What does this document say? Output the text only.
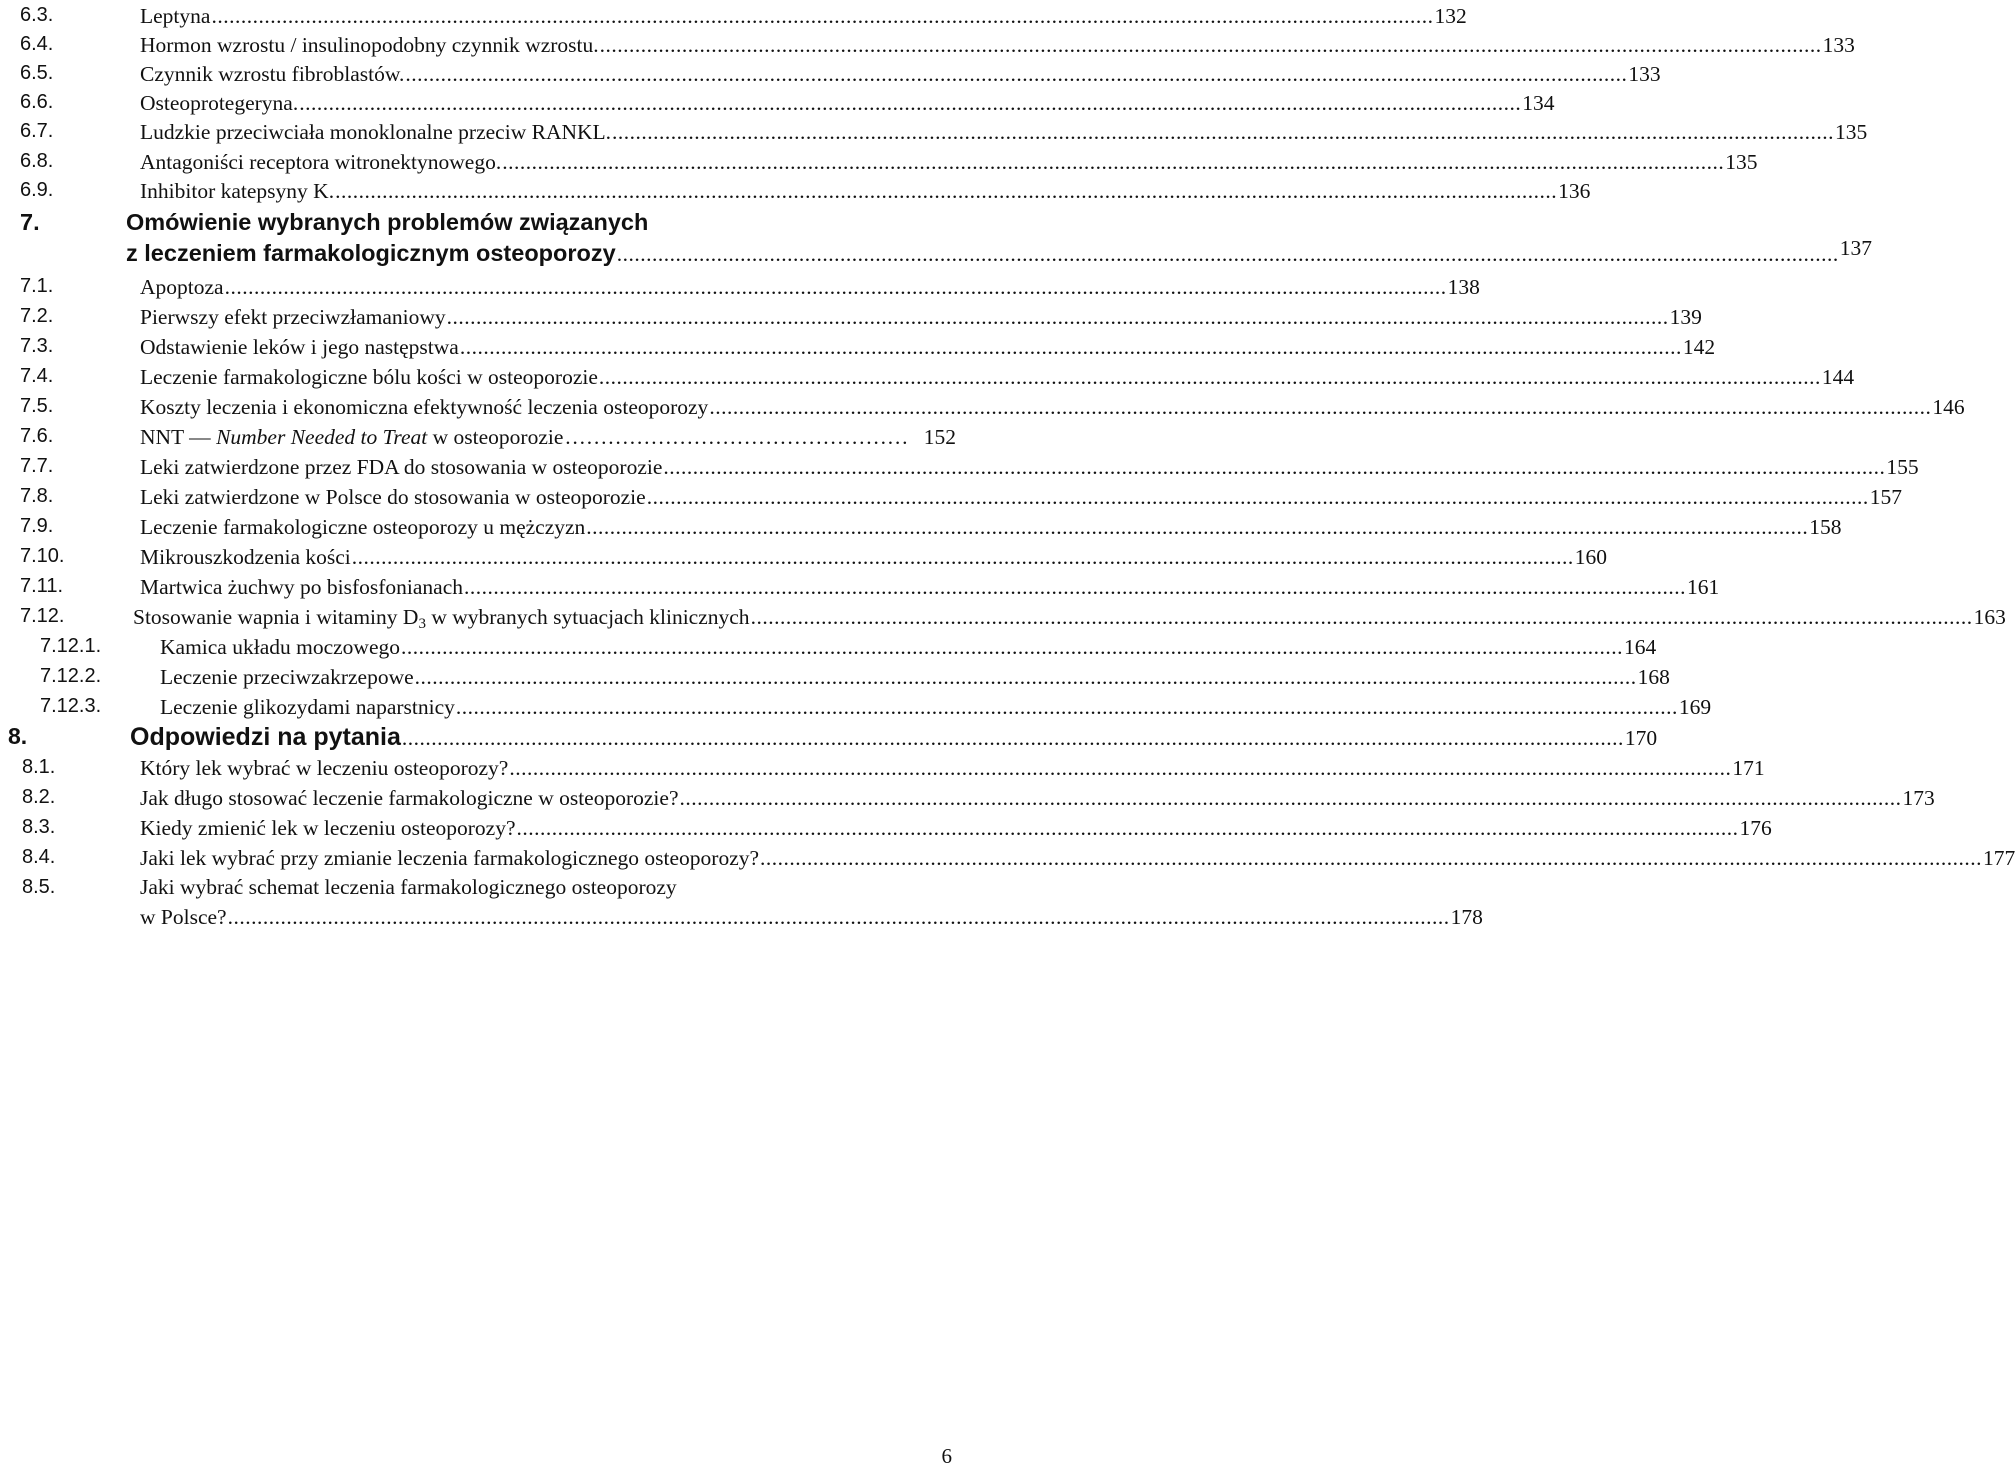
6.3.	Leptyna ................................................................................................................................................................................................................ 132
6.4.	Hormon wzrostu / insulinopodobny czynnik wzrostu. ................................................................................................................................................................................................................ 133
6.5.	Czynnik wzrostu fibroblastów. ................................................................................................................................................................................................................ 133
6.6.	Osteoprotegeryna. ................................................................................................................................................................................................................ 134
6.7.	Ludzkie przeciwciała monoklonalne przeciw RANKL. ................................................................................................................................................................................................................ 135
6.8.	Antagoniści receptora witronektynowego. ................................................................................................................................................................................................................ 135
6.9.	Inhibitor katepsyny K. ................................................................................................................................................................................................................ 136
7.	Omówienie wybranych problemów związanych
z leczeniem farmakologicznym osteoporozy ................................................................................................................................................................................................................ 137
7.1.	Apoptoza ................................................................................................................................................................................................................ 138
7.2.	Pierwszy efekt przeciwzłamaniowy ................................................................................................................................................................................................................ 139
7.3.	Odstawienie leków i jego następstwa ................................................................................................................................................................................................................ 142
7.4.	Leczenie farmakologiczne bólu kości w osteoporozie ................................................................................................................................................................................................................ 144
7.5.	Koszty leczenia i ekonomiczna efektywność leczenia osteoporozy ................................................................................................................................................................................................................ 146
7.6.	NNT — Number Needed to Treat w osteoporozie ………………………………………… 152
7.7.	Leki zatwierdzone przez FDA do stosowania w osteoporozie ................................................................................................................................................................................................................ 155
7.8.	Leki zatwierdzone w Polsce do stosowania w osteoporozie ................................................................................................................................................................................................................ 157
7.9.	Leczenie farmakologiczne osteoporozy u mężczyzn ................................................................................................................................................................................................................ 158
7.10.	Mikrouszkodzenia kości ................................................................................................................................................................................................................ 160
7.11.	Martwica żuchwy po bisfosfonianach ................................................................................................................................................................................................................ 161
7.12.	Stosowanie wapnia i witaminy $D_3$ w wybranych sytuacjach klinicznych ................................................................................................................................................................................................................ 163
7.12.1.	Kamica układu moczowego ................................................................................................................................................................................................................ 164
7.12.2.	Leczenie przeciwzakrzepowe ................................................................................................................................................................................................................ 168
7.12.3.	Leczenie glikozydami naparstnicy ................................................................................................................................................................................................................ 169
8.	Odpowiedzi na pytania ................................................................................................................................................................................................................ 170
8.1.	Który lek wybrać w leczeniu osteoporozy? ................................................................................................................................................................................................................ 171
8.2.	Jak długo stosować leczenie farmakologiczne w osteoporozie? ................................................................................................................................................................................................................ 173
8.3.	Kiedy zmienić lek w leczeniu osteoporozy? ................................................................................................................................................................................................................ 176
8.4.	Jaki lek wybrać przy zmianie leczenia farmakologicznego osteoporozy? ................................................................................................................................................................................................................ 177
8.5.	Jaki wybrać schemat leczenia farmakologicznego osteoporozy
w Polsce? ................................................................................................................................................................................................................ 178
6
